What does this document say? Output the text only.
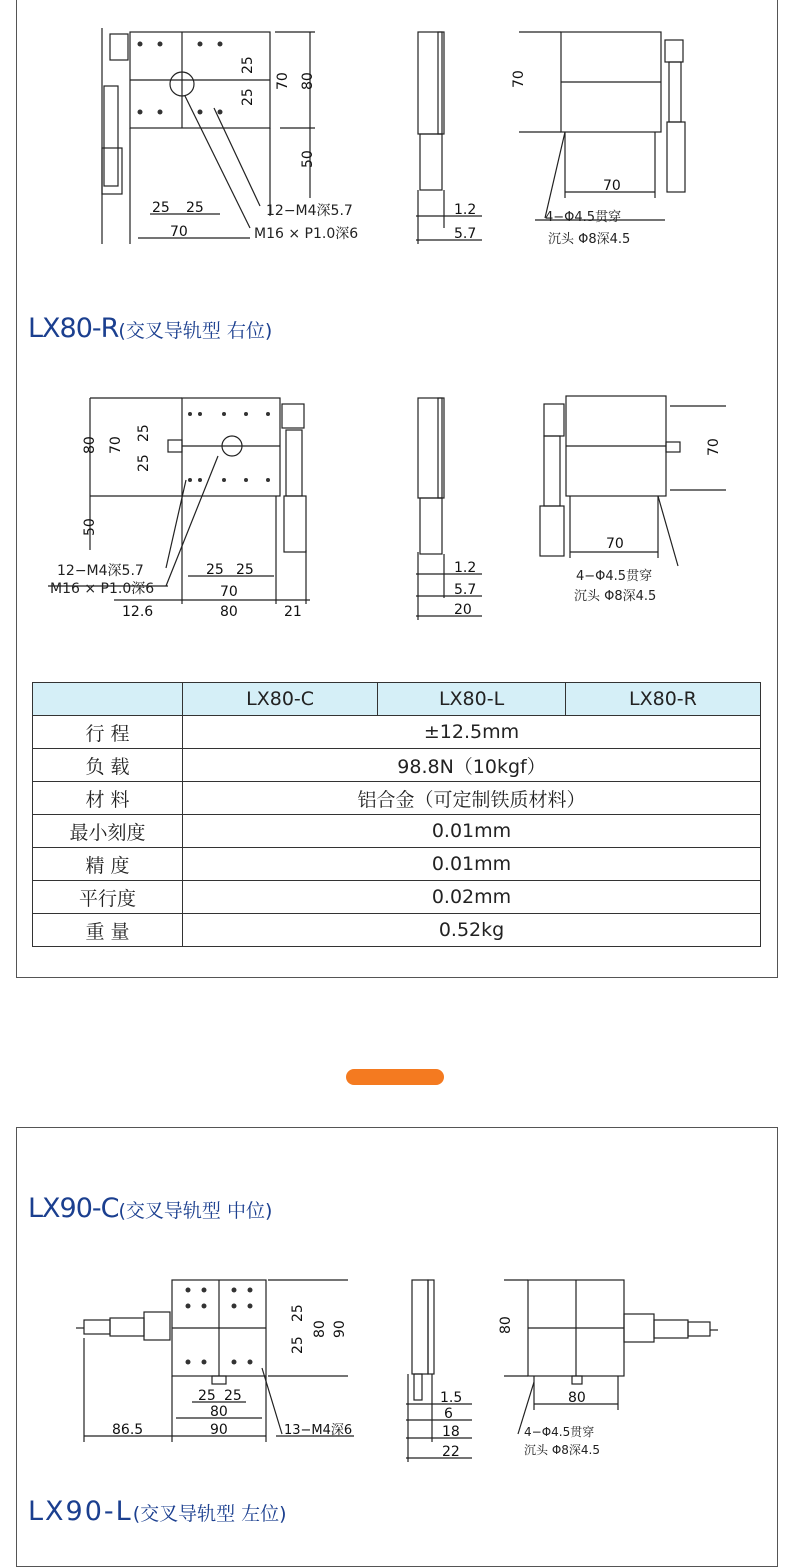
25
25
70 80
50
25 25
70
12−M4深5.7
M16 × P1.0深6
1.2
5.7
70
70
4−Φ4.5贯穿
沉头 Φ8深4.5
LX80-R(交叉导轨型 右位)
80 70
25
25
50
25 25
70
12.6	80	21
12−M4深5.7
M16 × P1.0深6
1.2
5.7
20
70
70
4−Φ4.5贯穿
沉头 Φ8深4.5
	LX80-C	LX80-L	LX80-R
行 程	±12.5mm		
负 载	98.8N（10kgf）		
材 料	铝合金（可定制铁质材料）		
最小刻度	0.01mm		
精 度	0.01mm		
平行度	0.02mm		
重 量	0.52kg		
LX90-C(交叉导轨型 中位)
25
25
80 90
25 25
80
86.5	90	13−M4深6
1.5
6
18
22
80
80
4−Φ4.5贯穿
沉头 Φ8深4.5
LX90-L(交叉导轨型 左位)
